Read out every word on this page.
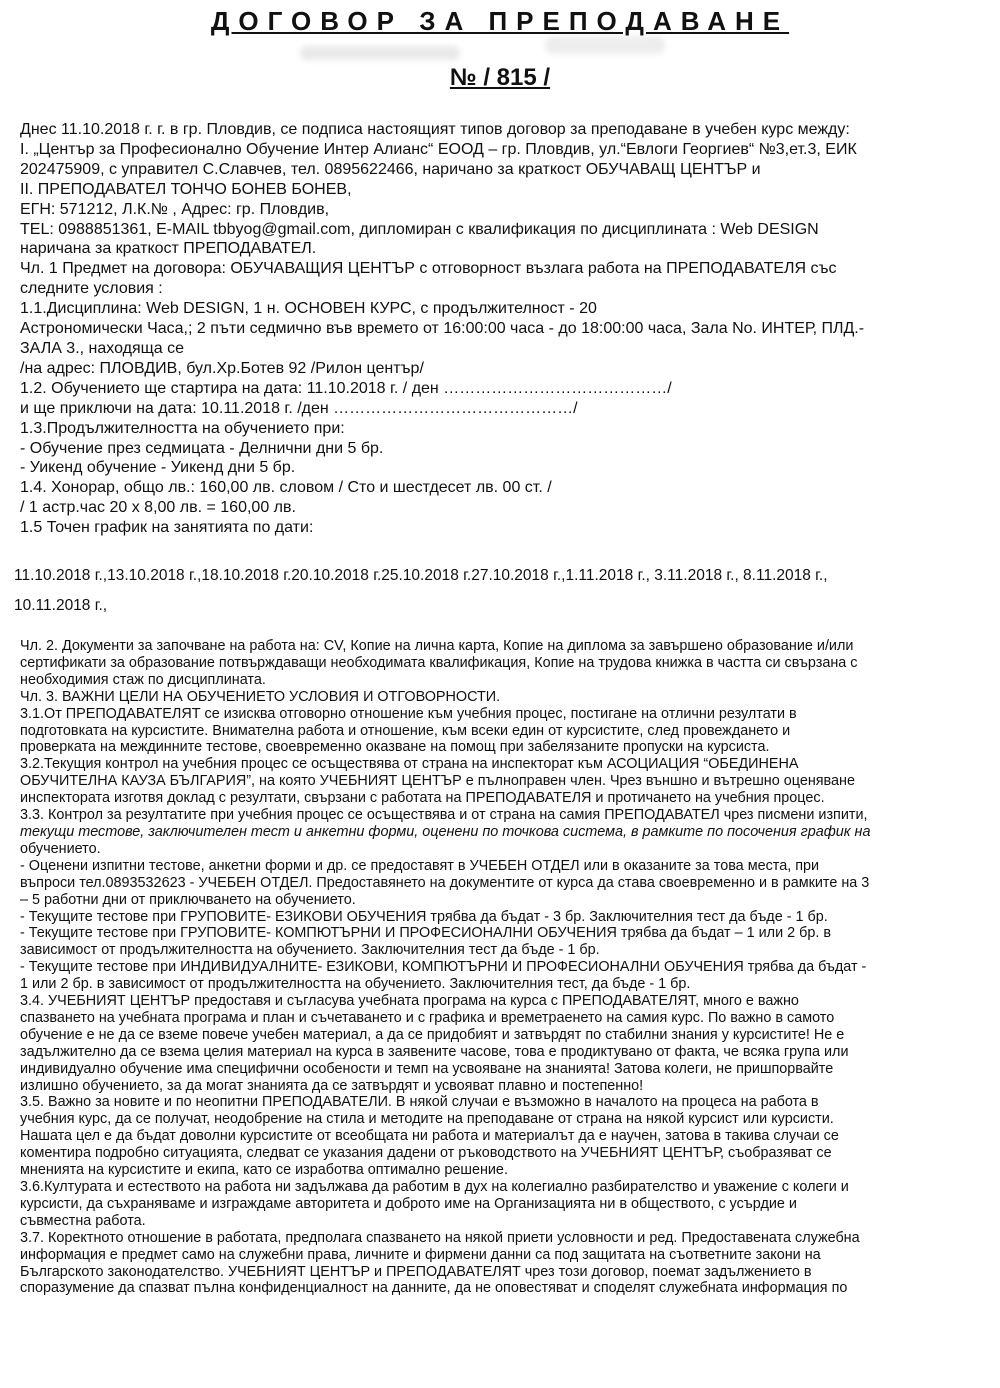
ДОГОВОР ЗА ПРЕПОДАВАНЕ
№ / 815 /
Днес 11.10.2018 г. г. в гр. Пловдив, се подписа настоящият типов договор за преподаване в учебен курс между:
I. „Център за Професионално Обучение Интер Алианс“ ЕООД – гр. Пловдив, ул.“Евлоги Георгиев“ №3,ет.3, ЕИК
202475909, с управител С.Славчев, тел. 0895622466, наричано за краткост ОБУЧАВАЩ ЦЕНТЪР и
II. ПРЕПОДАВАТЕЛ ТОНЧО БОНЕВ БОНЕВ,
ЕГН: 571212, Л.К.№ , Адрес: гр. Пловдив,
TEL: 0988851361, E-MAIL tbbyog@gmail.com, дипломиран с квалификация по дисциплината : Web DESIGN
наричана за краткост ПРЕПОДАВАТЕЛ.
Чл. 1 Предмет на договора: ОБУЧАВАЩИЯ ЦЕНТЪР с отговорност възлага работа на ПРЕПОДАВАТЕЛЯ със
следните условия :
1.1.Дисциплина: Web DESIGN, 1 н. ОСНОВЕН КУРС, с продължителност - 20
Астрономически Часа,; 2 пъти седмично във времето от 16:00:00 часа - до 18:00:00 часа, Зала No. ИНТЕР, ПЛД.-
ЗАЛА 3., находяща се
/на адрес: ПЛОВДИВ, бул.Хр.Ботев 92 /Рилон център/
1.2. Обучението ще стартира на дата: 11.10.2018 г. / ден ……………………………………/
и ще приключи на дата: 10.11.2018 г. /ден ………………………………………/
1.3.Продължителността на обучението при:
- Обучение през седмицата - Делнични дни 5 бр.
- Уикенд обучение - Уикенд дни 5 бр.
1.4. Хонорар, общо лв.: 160,00 лв. словом / Сто и шестдесет лв. 00 ст. /
/ 1 астр.час 20 х 8,00 лв. = 160,00 лв.
1.5 Точен график на занятията по дати:
11.10.2018 г.,13.10.2018 г.,18.10.2018 г.20.10.2018 г.25.10.2018 г.27.10.2018 г.,1.11.2018 г., 3.11.2018 г., 8.11.2018 г.,
10.11.2018 г.,
Чл. 2. Документи за започване на работа на: CV, Копие на лична карта, Копие на диплома за завършено образование и/или
сертификати за образование потвърждаващи необходимата квалификация, Копие на трудова книжка в частта си свързана с
необходимия стаж по дисциплината.
Чл. 3. ВАЖНИ ЦЕЛИ НА ОБУЧЕНИЕТО УСЛОВИЯ И ОТГОВОРНОСТИ.
3.1.От ПРЕПОДАВАТЕЛЯТ се изисква отговорно отношение към учебния процес, постигане на отлични резултати в
подготовката на курсистите. Внимателна работа и отношение, към всеки един от курсистите, след провеждането и
проверката на междинните тестове, своевременно оказване на помощ при забелязаните пропуски на курсиста.
3.2.Текущия контрол на учебния процес се осъществява от страна на инспекторат към АСОЦИАЦИЯ “ОБЕДИНЕНА
ОБУЧИТЕЛНА КАУЗА БЪЛГАРИЯ”, на която УЧЕБНИЯТ ЦЕНТЪР е пълноправен член. Чрез външно и вътрешно оценяване
инспектората изготвя доклад с резултати, свързани с работата на ПРЕПОДАВАТЕЛЯ и протичането на учебния процес.
3.3. Контрол за резултатите при учебния процес се осъществява и от страна на самия ПРЕПОДАВАТЕЛ чрез писмени изпити,
текущи тестове, заключителен тест и анкетни форми, оценени по точкова система, в рамките по посочения график на
обучението.
- Оценени изпитни тестове, анкетни форми и др. се предоставят в УЧЕБЕН ОТДЕЛ или в оказаните за това места, при
въпроси тел.0893532623 - УЧЕБЕН ОТДЕЛ. Предоставянето на документите от курса да става своевременно и в рамките на 3
– 5 работни дни от приключването на обучението.
- Текущите тестове при ГРУПОВИТЕ- ЕЗИКОВИ ОБУЧЕНИЯ трябва да бъдат - 3 бр. Заключителния тест да бъде - 1 бр.
- Текущите тестове при ГРУПОВИТЕ- КОМПЮТЪРНИ И ПРОФЕСИОНАЛНИ ОБУЧЕНИЯ трябва да бъдат – 1 или 2 бр. в
зависимост от продължителността на обучението. Заключителния тест да бъде - 1 бр.
- Текущите тестове при ИНДИВИДУАЛНИТЕ- ЕЗИКОВИ, КОМПЮТЪРНИ И ПРОФЕСИОНАЛНИ ОБУЧЕНИЯ трябва да бъдат -
1 или 2 бр. в зависимост от продължителността на обучението. Заключителния тест, да бъде - 1 бр.
3.4. УЧЕБНИЯТ ЦЕНТЪР предоставя и съгласува учебната програма на курса с ПРЕПОДАВАТЕЛЯТ, много е важно
спазването на учебната програма и план и съчетаването и с графика и времетраенето на самия курс. По важно в самото
обучение е не да се вземе повече учебен материал, а да се придобият и затвърдят по стабилни знания у курсистите! Не е
задължително да се взема целия материал на курса в заявените часове, това е продиктувано от факта, че всяка група или
индивидуално обучение има специфични особености и темп на усвояване на знанията! Затова колеги, не пришпорвайте
излишно обучението, за да могат знанията да се затвърдят и усвояват плавно и постепенно!
3.5. Важно за новите и по неопитни ПРЕПОДАВАТЕЛИ. В някой случаи е възможно в началото на процеса на работа в
учебния курс, да се получат, неодобрение на стила и методите на преподаване от страна на някой курсист или курсисти.
Нашата цел е да бъдат доволни курсистите от всеобщата ни работа и материалът да е научен, затова в такива случаи се
коментира подробно ситуацията, следват се указания дадени от ръководството на УЧЕБНИЯТ ЦЕНТЪР, съобразяват се
мненията на курсистите и екипа, като се изработва оптимално решение.
3.6.Културата и естеството на работа ни задължава да работим в дух на колегиално разбирателство и уважение с колеги и
курсисти, да съхраняваме и изграждаме авторитета и доброто име на Организацията ни в обществото, с усърдие и
съвместна работа.
3.7. Коректното отношение в работата, предполага спазването на някой приети условности и ред. Предоставената служебна
информация е предмет само на служебни права, личните и фирмени данни са под защитата на съответните закони на
Българското законодателство. УЧЕБНИЯТ ЦЕНТЪР и ПРЕПОДАВАТЕЛЯТ чрез този договор, поемат задължението в
споразумение да спазват пълна конфиденциалност на данните, да не оповестяват и споделят служебната информация по
